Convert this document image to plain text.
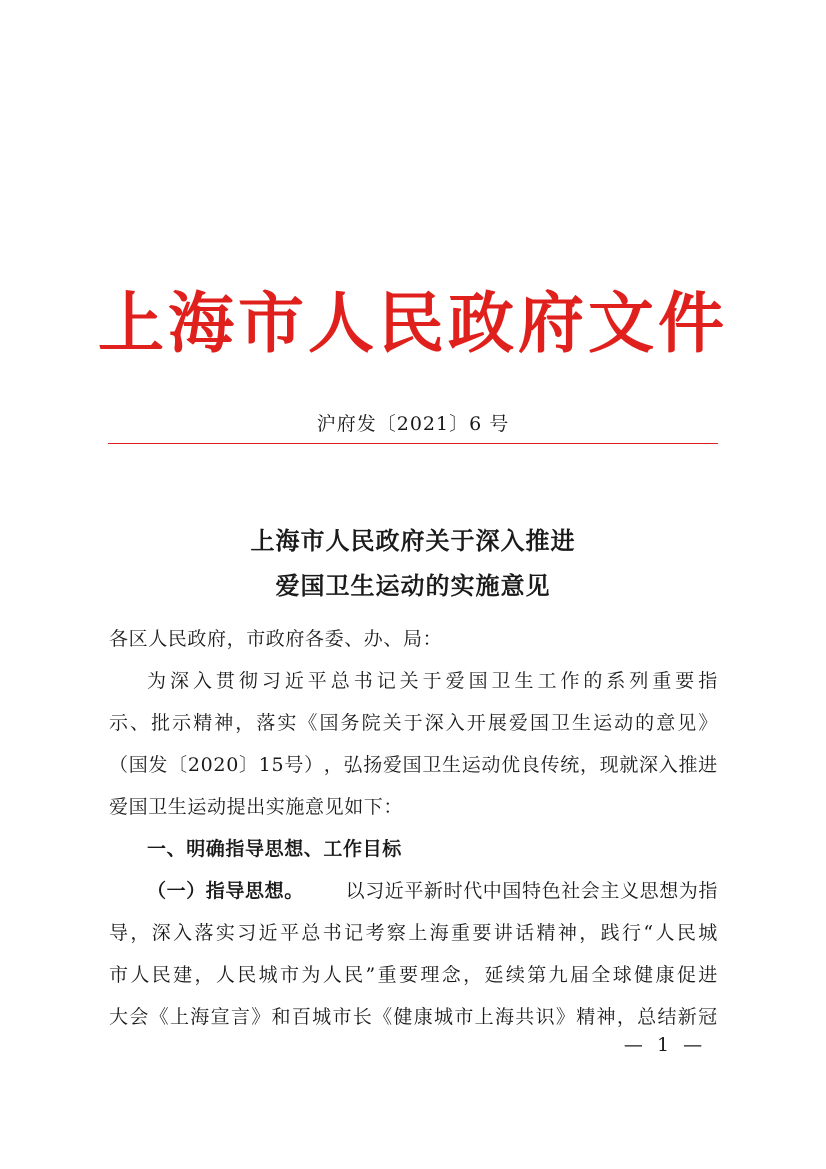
上海市人民政府文件
沪府发〔2021〕6 号
上海市人民政府关于深入推进
爱国卫生运动的实施意见
各区人民政府，市政府各委、办、局：
为 深 入 贯 彻 习 近 平 总 书 记 关 于 爱 国 卫 生 工 作 的 系 列 重 要 指
示 、 批 示 精 神 ， 落 实 《 国 务 院 关 于 深 入 开 展 爱 国 卫 生 运 动 的 意 见 》
（ 国 发 〔 2 0 2 0 〕 1 5 号 ） ， 弘 扬 爱 国 卫 生 运 动 优 良 传 统 ， 现 就 深 入 推 进
爱国卫生运动提出实施意见如下：
一、明确指导思想、工作目标
（一）指导思想。 以习近平新时代中国特色社会主义思想为指
导 ， 深 入 落 实 习 近 平 总 书 记 考 察 上 海 重 要 讲 话 精 神 ， 践 行 “ 人 民 城
市 人 民 建 ， 人 民 城 市 为 人 民 ” 重 要 理 念 ， 延 续 第 九 届 全 球 健 康 促 进
大 会 《 上 海 宣 言 》 和 百 城 市 长 《 健 康 城 市 上 海 共 识 》 精 神 ， 总 结 新 冠
— 1 —
